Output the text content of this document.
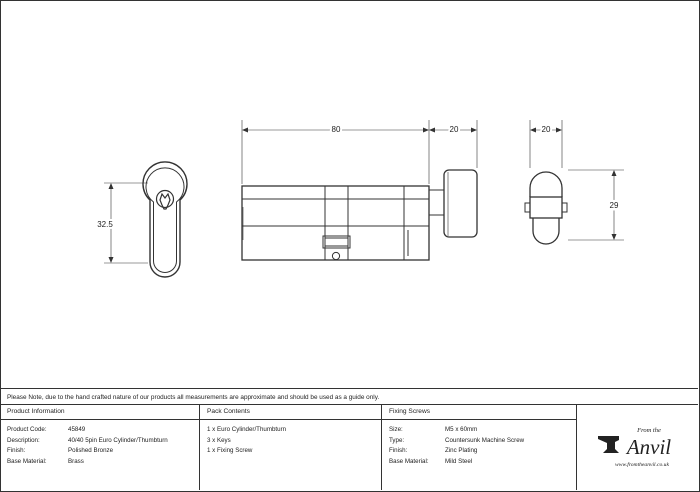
80	20	20
32.5
29
Please Note, due to the hand crafted nature of our products all measurements are approximate and should be used as a guide only.
Product Information
Product Code:	45849
Description:	40/40 5pin Euro Cylinder/Thumbturn
Finish:	Polished Bronze
Base Material:	Brass
Pack Contents
1 x Euro Cylinder/Thumbturn
3 x Keys
1 x Fixing Screw
Fixing Screws
Size:	M5 x 60mm
Type:	Countersunk Machine Screw
Finish:	Zinc Plating
Base Material:	Mild Steel
From the
Anvil
www.fromtheanvil.co.uk
